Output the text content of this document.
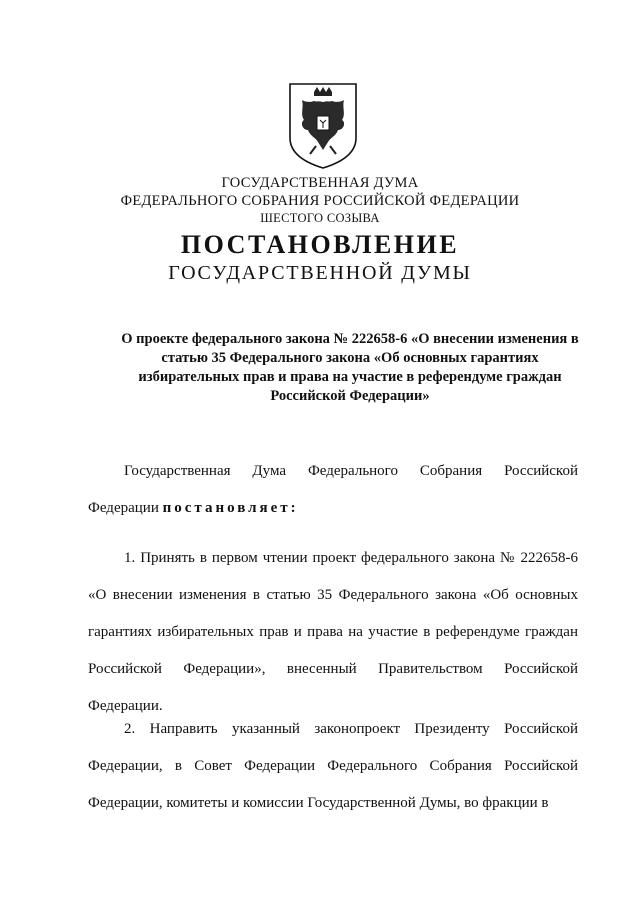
ГОСУДАРСТВЕННАЯ ДУМА
ФЕДЕРАЛЬНОГО СОБРАНИЯ РОССИЙСКОЙ ФЕДЕРАЦИИ
ШЕСТОГО СОЗЫВА
ПОСТАНОВЛЕНИЕ
ГОСУДАРСТВЕННОЙ ДУМЫ
О проекте федерального закона № 222658-6 «О внесении изменения в статью 35 Федерального закона «Об основных гарантиях избирательных прав и права на участие в референдуме граждан Российской Федерации»
Государственная Дума Федерального Собрания Российской Федерации постановляет:
1. Принять в первом чтении проект федерального закона № 222658-6 «О внесении изменения в статью 35 Федерального закона «Об основных гарантиях избирательных прав и права на участие в референдуме граждан Российской Федерации», внесенный Правительством Российской Федерации.
2. Направить указанный законопроект Президенту Российской Федерации, в Совет Федерации Федерального Собрания Российской Федерации, комитеты и комиссии Государственной Думы, во фракции в
